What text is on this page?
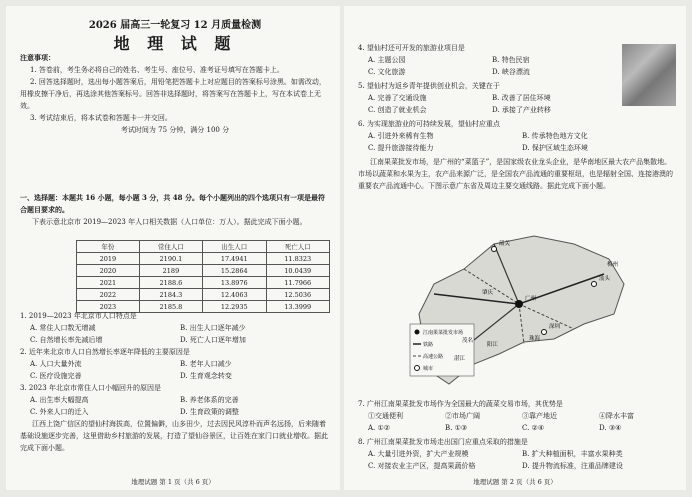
2026 届高三一轮复习 12 月质量检测
地 理 试 题
注意事项：
1. 答卷前，考生务必将自己的姓名、考生号、座位号、准考证号填写在答题卡上。
2. 回答选择题时，选出每小题答案后，用铅笔把答题卡上对应题目的答案标号涂黑。如需改动，用橡皮擦干净后，再选涂其他答案标号。回答非选择题时，将答案写在答题卡上，写在本试卷上无效。
3. 考试结束后，将本试卷和答题卡一并交回。
考试时间为 75 分钟，满分 100 分
一、选择题：本题共 16 小题，每小题 3 分，共 48 分。每个小题列出的四个选项只有一项是最符合题目要求的。
下表示意北京市 2019—2023 年人口相关数据（人口单位：万人）。据此完成下面小题。
年份	常住人口	出生人口	死亡人口
2019	2190.1	17.4941	11.8323
2020	2189	15.2864	10.0439
2021	2188.6	13.8976	11.7966
2022	2184.3	12.4063	12.5036
2023	2185.8	12.2935	13.3999
1. 2019—2023 年北京市人口特点是
A. 常住人口数无增减	B. 出生人口逐年减少
C. 自然增长率先减后增	D. 死亡人口逐年增加
2. 近年来北京市人口自然增长率逐年降低的主要原因是
A. 人口大量外流	B. 老年人口减少
C. 医疗设施完善	D. 生育观念转变
3. 2023 年北京市常住人口小幅回升的原因是
A. 出生率大幅提高	B. 养老体系的完善
C. 外来人口的迁入	D. 生育政策的调整
江西上饶广信区的望仙村海拔高，位置偏僻，山多田少，过去因民风淳朴而声名远扬，后来随着基础设施逐步完善，这里借助乡村旅游的发展，打造了望仙谷景区，让百姓在家门口就业增收。据此完成下面小题。
地理试题 第 1 页（共 6 页）
4. 望仙村还可开发的旅游业项目是
A. 主题公园	B. 特色民宿
C. 文化旅游	D. 峡谷漂流
5. 望仙村为返乡青年提供创业机会，关键在于
A. 完善了交通设施	B. 改善了居住环境
C. 创造了就业机会	D. 承接了产业转移
6. 为实现旅游业的可持续发展，望仙村应重点
A. 引进外来稀有生物	B. 传承特色地方文化
C. 提升旅游接待能力	D. 保护区域生态环境
江南果菜批发市场，是广州的“菜篮子”，是国家级农业龙头企业，是华南地区最大农产品集散地。市场以蔬菜和水果为主，农产品来源广泛，是全国农产品流通的重要枢纽，也是辐射全国、连接港澳的重要农产品流通中心。下图示意广东省及周边主要交通线路。据此完成下面小题。
江南果菜批发市场
铁路
高速公路
城市
广州
深圳
湛江
汕头
韶关
梅州
肇庆
茂名
阳江
珠海
7. 广州江南果菜批发市场作为全国最大的蔬菜交易市场，其优势是
①交通便利	②市场广阔	③靠产地近	④降水丰富
A. ①②	B. ①③	C. ②④	D. ③④
8. 广州江南果菜批发市场走出国门应重点采取的措施是
A. 大量引进外资，扩大产业规模	B. 扩大种植面积，丰富水果种类
C. 对接农业主产区，提高果蔬价格	D. 提升物流标准，注重品牌建设
地理试题 第 2 页（共 6 页）
